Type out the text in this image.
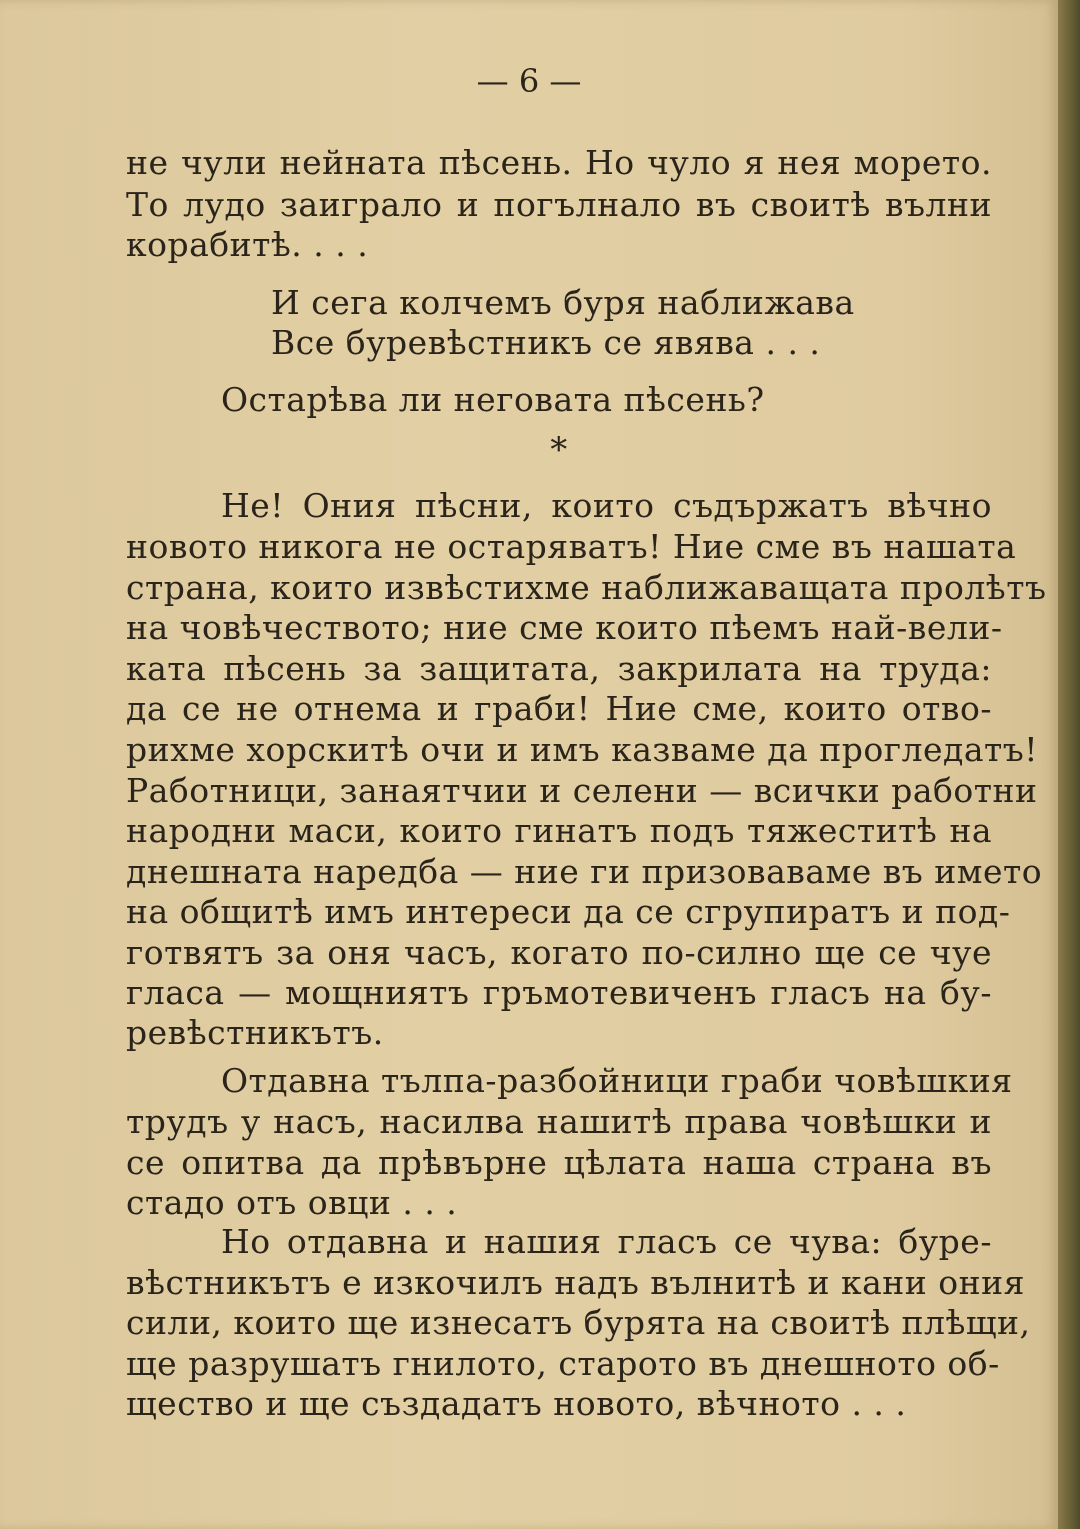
— 6 —
не чули нейната пѣсень. Но чуло я нея морето.
То лудо заиграло и погълнало въ своитѣ вълни
корабитѣ. . . .
И сега колчемъ буря наближава
Все буревѣстникъ се явява . . .
Остарѣва ли неговата пѣсень?
*
Не! Ония пѣсни, които съдържатъ вѣчно
новото никога не остаряватъ! Ние сме въ нашата
страна, които извѣстихме наближаващата пролѣтъ
на човѣчеството; ние сме които пѣемъ най-вели-
ката пѣсень за защитата, закрилата на труда:
да се не отнема и граби! Ние сме, които отво-
рихме хорскитѣ очи и имъ казваме да прогледатъ!
Работници, занаятчии и селени — всички работни
народни маси, които гинатъ подъ тяжеститѣ на
днешната наредба — ние ги призоваваме въ името
на общитѣ имъ интереси да се сгрупиратъ и под-
готвятъ за оня часъ, когато по-силно ще се чуе
гласа — мощниятъ гръмотевиченъ гласъ на бу-
ревѣстникътъ.
Отдавна тълпа-разбойници граби човѣшкия
трудъ у насъ, насилва нашитѣ права човѣшки и
се опитва да прѣвърне цѣлата наша страна въ
стадо отъ овци . . .
Но отдавна и нашия гласъ се чува: буре-
вѣстникътъ е изкочилъ надъ вълнитѣ и кани ония
сили, които ще изнесатъ бурята на своитѣ плѣщи,
ще разрушатъ гнилото, старото въ днешното об-
щество и ще създадатъ новото, вѣчното . . .
